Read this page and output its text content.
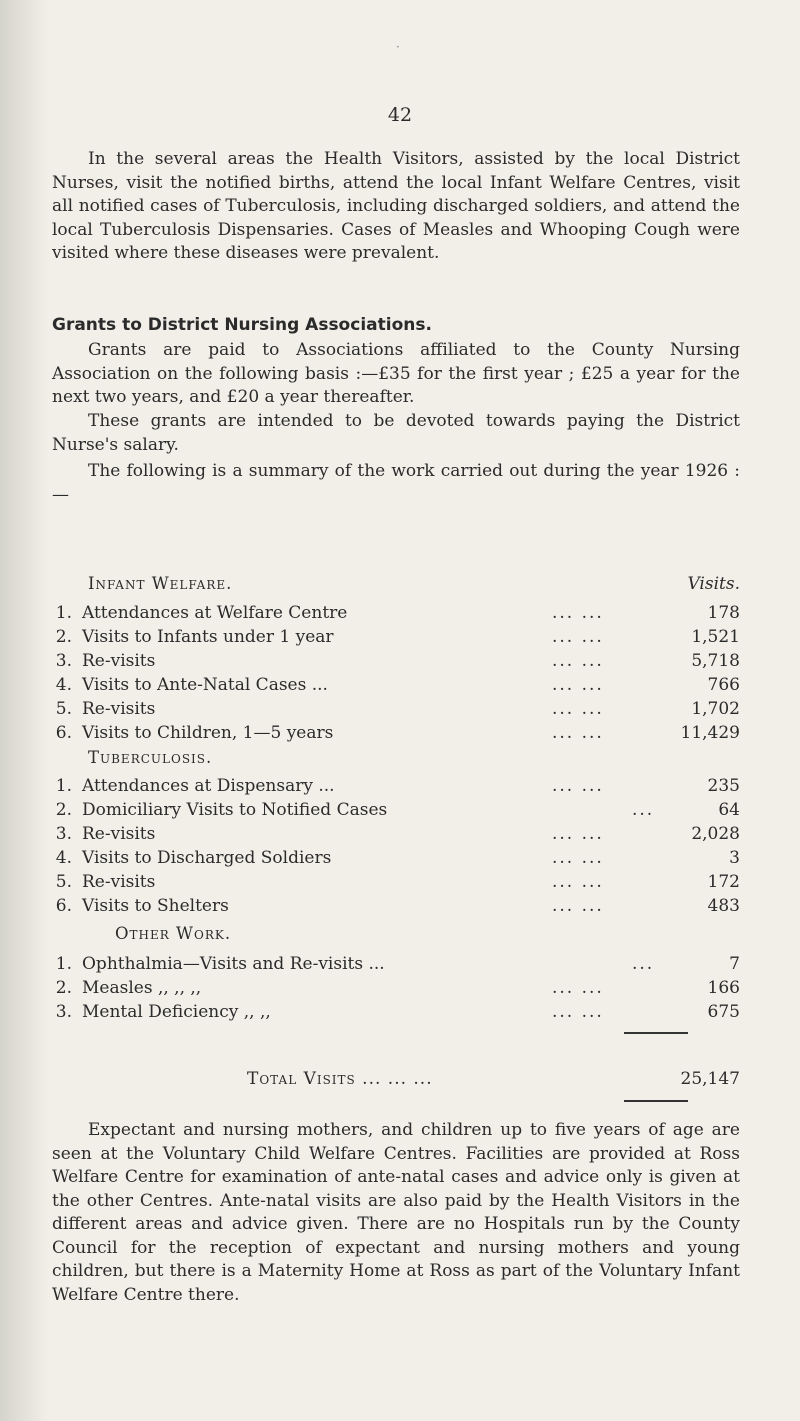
·
42

In the several areas the Health Visitors, assisted by the local District Nurses, visit the notified births, attend the local Infant Welfare Centres, visit all notified cases of Tuberculosis, including discharged soldiers, and attend the local Tuberculosis Dispensaries. Cases of Measles and Whooping Cough were visited where these diseases were prevalent.

Grants to District Nursing Associations.

Grants are paid to Associations affiliated to the County Nursing Association on the following basis :—£35 for the first year ; £25 a year for the next two years, and £20 a year thereafter.

These grants are intended to be devoted towards paying the District Nurse's salary.

The following is a summary of the work carried out during the year 1926 :—

Infant Welfare.	Visits.
1. Attendances at Welfare Centre	... ...	178
2. Visits to Infants under 1 year	... ...	1,521
3. Re-visits	... ...	5,718
4. Visits to Ante-Natal Cases ...	... ...	766
5. Re-visits	... ...	1,702
6. Visits to Children, 1—5 years	... ...	11,429
Tuberculosis.
1. Attendances at Dispensary ...	... ...	235
2. Domiciliary Visits to Notified Cases	...	64
3. Re-visits	... ...	2,028
4. Visits to Discharged Soldiers	... ...	3
5. Re-visits	... ...	172
6. Visits to Shelters	... ...	483
Other Work.
1. Ophthalmia—Visits and Re-visits ...	...	7
2. Measles ,, ,, ,,	... ...	166
3. Mental Deficiency ,, ,,	... ...	675
Total Visits ... ... ...	25,147

Expectant and nursing mothers, and children up to five years of age are seen at the Voluntary Child Welfare Centres. Facilities are provided at Ross Welfare Centre for examination of ante-natal cases and advice only is given at the other Centres. Ante-natal visits are also paid by the Health Visitors in the different areas and advice given. There are no Hospitals run by the County Council for the reception of expectant and nursing mothers and young children, but there is a Maternity Home at Ross as part of the Voluntary Infant Welfare Centre there.
